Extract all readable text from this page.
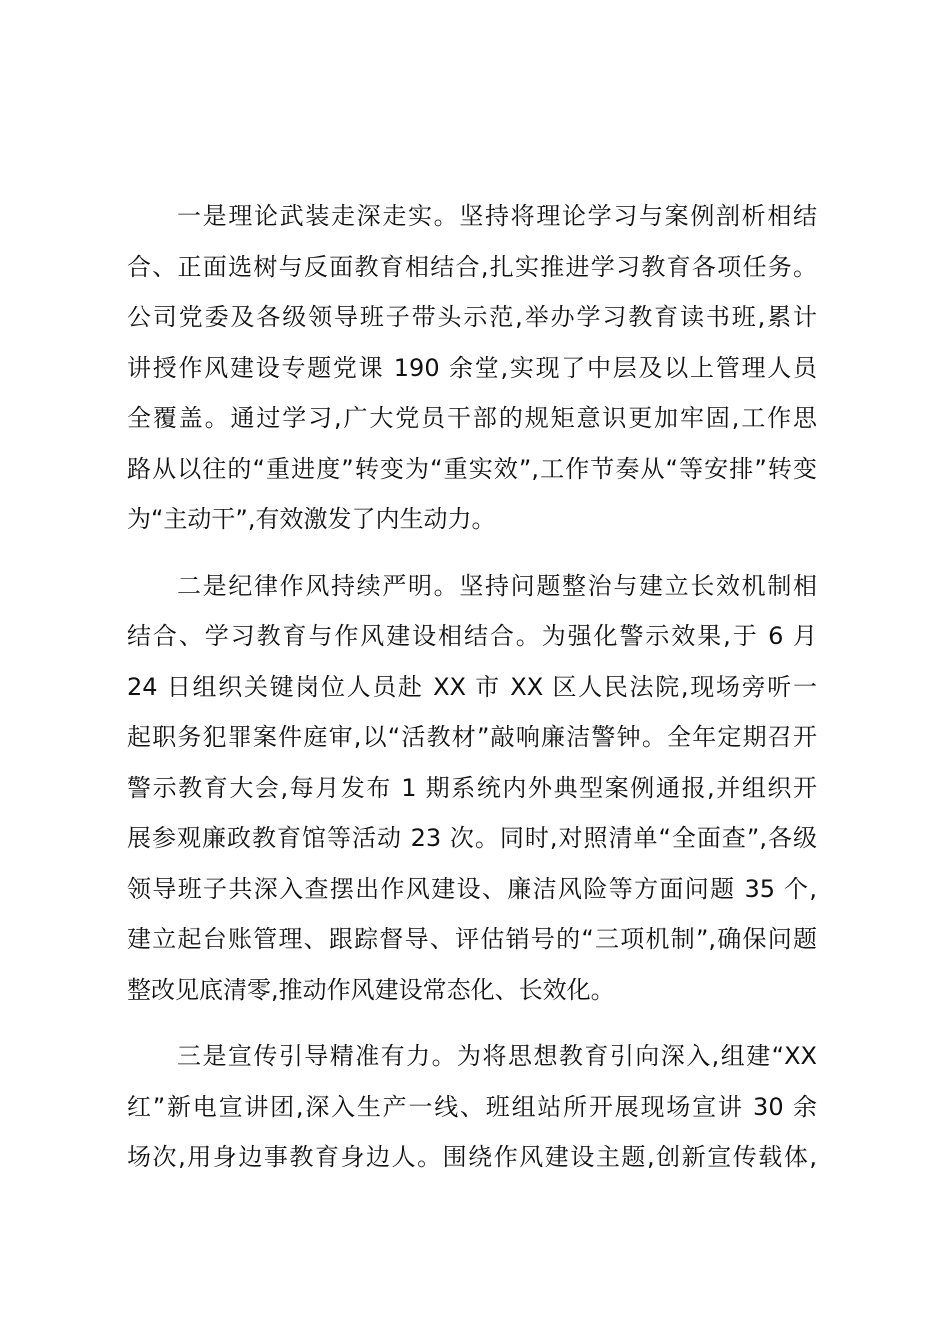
一是理论武装走深走实。坚持将理论学习与案例剖析相结
合、正面选树与反面教育相结合,扎实推进学习教育各项任务。
公司党委及各级领导班子带头示范,举办学习教育读书班,累计
讲授作风建设专题党课 190 余堂,实现了中层及以上管理人员
全覆盖。通过学习,广大党员干部的规矩意识更加牢固,工作思
路从以往的“重进度”转变为“重实效”,工作节奏从“等安排”转变
为“主动干”,有效激发了内生动力。
二是纪律作风持续严明。坚持问题整治与建立长效机制相
结合、学习教育与作风建设相结合。为强化警示效果,于 6 月
24 日组织关键岗位人员赴 XX 市 XX 区人民法院,现场旁听一
起职务犯罪案件庭审,以“活教材”敲响廉洁警钟。全年定期召开
警示教育大会,每月发布 1 期系统内外典型案例通报,并组织开
展参观廉政教育馆等活动 23 次。同时,对照清单“全面查”,各级
领导班子共深入查摆出作风建设、廉洁风险等方面问题 35 个,
建立起台账管理、跟踪督导、评估销号的“三项机制”,确保问题
整改见底清零,推动作风建设常态化、长效化。
三是宣传引导精准有力。为将思想教育引向深入,组建“XX
红”新电宣讲团,深入生产一线、班组站所开展现场宣讲 30 余
场次,用身边事教育身边人。围绕作风建设主题,创新宣传载体,
